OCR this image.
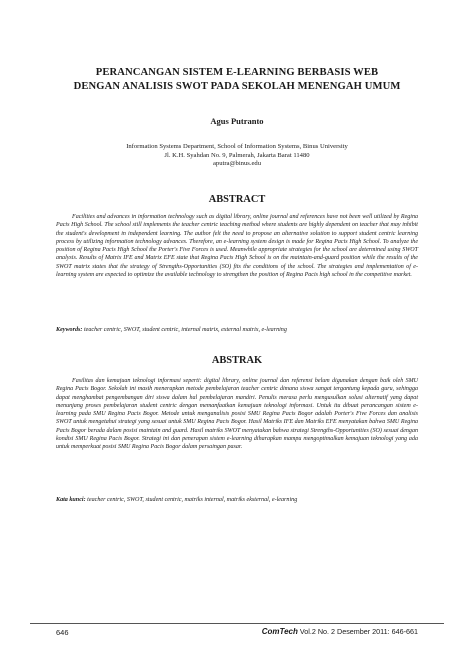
PERANCANGAN SISTEM E-LEARNING BERBASIS WEB
DENGAN ANALISIS SWOT PADA SEKOLAH MENENGAH UMUM
Agus Putranto
Information Systems Department, School of Information Systems, Binus University
Jl. K.H. Syahdan No. 9, Palmerah, Jakarta Barat 11480
aputra@binus.edu
ABSTRACT
Facilities and advances in information technology such as digital library, online journal and references have not been well utilized by Regina Pacis High School. The school still implements the teacher centric teaching method where students are highly dependent on teacher that may inhibit the student's development in independent learning. The author felt the need to propose an alternative solution to support student centric learning process by utilizing information technology advances. Therefore, an e-learning system design is made for Regina Pacis High School. To analyze the position of Regina Pacis High School the Porter's Five Forces is used. Meanwhile appropriate strategies for the school are determined using SWOT analysis. Results of Matrix IFE and Matrix EFE state that Regina Pacis High School is on the maintain-and-guard position while the results of the SWOT matrix states that the strategy of Strengths-Opportunities (SO) fits the conditions of the school. The strategies and implementation of e-learning system are expected to optimize the available technology to strengthen the position of Regina Pacis high school in the competitive market.
Keywords: teacher centric, SWOT, student centric, internal matrix, external matrix, e-learning
ABSTRAK
Fasilitas dan kemajuan teknologi informasi seperti: digital library, online journal dan referensi belum digunakan dengan baik oleh SMU Regina Pacis Bogor. Sekolah ini masih menerapkan metode pembelajaran teacher centric dimana siswa sangat tergantung kepada guru, sehingga dapat menghambat pengembangan diri siswa dalam hal pembelajaran mandiri. Penulis merasa perlu mengusulkan solusi alternatif yang dapat menunjang proses pembelajaran student centric dengan memanfaatkan kemajuan teknologi informasi. Untuk itu dibuat perancangan sistem e-learning pada SMU Regina Pacis Bogor. Metode untuk menganalisis posisi SMU Regina Pacis Bogor adalah Porter's Five Forces dan analisis SWOT untuk mengetahui strategi yang sesuai untuk SMU Regina Pacis Bogor. Hasil Matriks IFE dan Matriks EFE menyatakan bahwa SMU Regina Pacis Bogor berada dalam posisi maintain and guard. Hasil matriks SWOT menyatakan bahwa strategi Strengths-Opportunities (SO) sesuai dengan kondisi SMU Regina Pacis Bogor. Strategi ini dan penerapan sistem e-learning diharapkan mampu mengoptimalkan kemajuan teknologi yang ada untuk memperkuat posisi SMU Regina Pacis Bogor dalam persaingan pasar.
Kata kunci: teacher centric, SWOT, student centric, matriks internal, matriks eksternal, e-learning
646	ComTech Vol.2 No. 2 Desember 2011: 646-661
